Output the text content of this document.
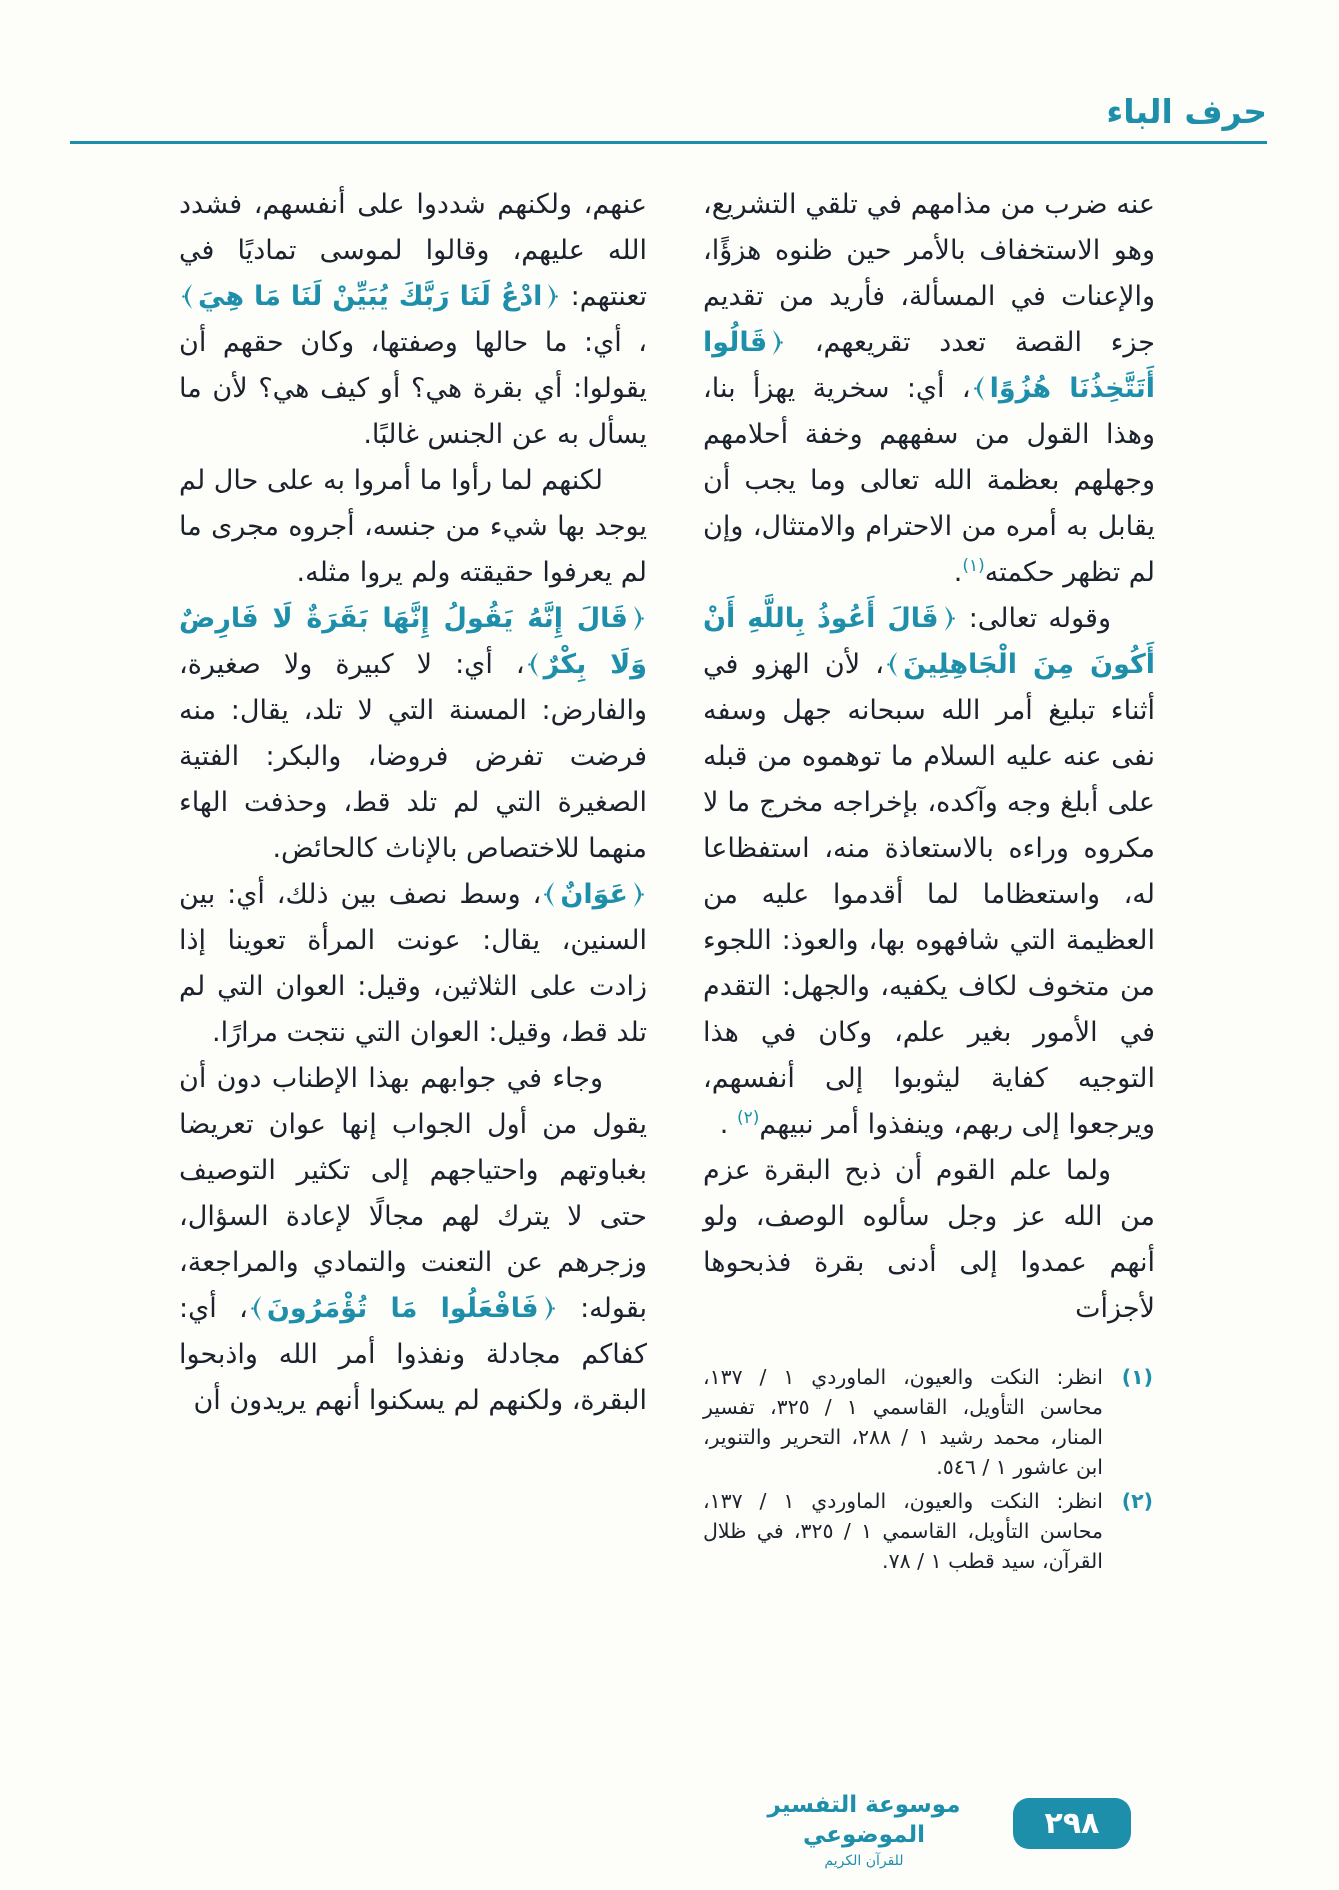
حرف الباء

عنه ضرب من مذامهم في تلقي التشريع، وهو الاستخفاف بالأمر حين ظنوه هزؤًا، والإعنات في المسألة، فأريد من تقديم جزء القصة تعدد تقريعهم، قَالُوا أَتَتَّخِذُنَا هُزُوًا، أي: سخرية يهزأ بنا، وهذا القول من سفههم وخفة أحلامهم وجهلهم بعظمة الله تعالى وما يجب أن يقابل به أمره من الاحترام والامتثال، وإن لم تظهر حكمته$^{(١)}$.

وقوله تعالى: قَالَ أَعُوذُ بِاللَّهِ أَنْ أَكُونَ مِنَ الْجَاهِلِينَ، لأن الهزو في أثناء تبليغ أمر الله سبحانه جهل وسفه نفى عنه عليه السلام ما توهموه من قبله على أبلغ وجه وآكده، بإخراجه مخرج ما لا مكروه وراءه بالاستعاذة منه، استفظاعا له، واستعظاما لما أقدموا عليه من العظيمة التي شافهوه بها، والعوذ: اللجوء من متخوف لكاف يكفيه، والجهل: التقدم في الأمور بغير علم، وكان في هذا التوجيه كفاية ليثوبوا إلى أنفسهم، ويرجعوا إلى ربهم، وينفذوا أمر نبيهم$^{(٢)}$ .

ولما علم القوم أن ذبح البقرة عزم من الله عز وجل سألوه الوصف، ولو أنهم عمدوا إلى أدنى بقرة فذبحوها لأجزأت

(١)
انظر: النكت والعيون، الماوردي ١ / ١٣٧، محاسن التأويل، القاسمي ١ / ٣٢٥، تفسير المنار، محمد رشيد ١ / ٢٨٨، التحرير والتنوير، ابن عاشور ١ / ٥٤٦.
(٢)
انظر: النكت والعيون، الماوردي ١ / ١٣٧، محاسن التأويل، القاسمي ١ / ٣٢٥، في ظلال القرآن، سيد قطب ١ / ٧٨.

عنهم، ولكنهم شددوا على أنفسهم، فشدد الله عليهم، وقالوا لموسى تماديًا في تعنتهم: ادْعُ لَنَا رَبَّكَ يُبَيِّنْ لَنَا مَا هِيَ، أي: ما حالها وصفتها، وكان حقهم أن يقولوا: أي بقرة هي؟ أو كيف هي؟ لأن ما يسأل به عن الجنس غالبًا.

لكنهم لما رأوا ما أمروا به على حال لم يوجد بها شيء من جنسه، أجروه مجرى ما لم يعرفوا حقيقته ولم يروا مثله.

قَالَ إِنَّهُ يَقُولُ إِنَّهَا بَقَرَةٌ لَا فَارِضٌ وَلَا بِكْرٌ، أي: لا كبيرة ولا صغيرة، والفارض: المسنة التي لا تلد، يقال: منه فرضت تفرض فروضا، والبكر: الفتية الصغيرة التي لم تلد قط، وحذفت الهاء منهما للاختصاص بالإناث كالحائض.

عَوَانٌ، وسط نصف بين ذلك، أي: بين السنين، يقال: عونت المرأة تعوينا إذا زادت على الثلاثين، وقيل: العوان التي لم تلد قط، وقيل: العوان التي نتجت مرارًا.

وجاء في جوابهم بهذا الإطناب دون أن يقول من أول الجواب إنها عوان تعريضا بغباوتهم واحتياجهم إلى تكثير التوصيف حتى لا يترك لهم مجالًا لإعادة السؤال، وزجرهم عن التعنت والتمادي والمراجعة، بقوله: فَافْعَلُوا مَا تُؤْمَرُونَ، أي: كفاكم مجادلة ونفذوا أمر الله واذبحوا البقرة، ولكنهم لم يسكنوا أنهم يريدون أن

موسوعة التفسير الموضوعي
للقرآن الكريم
٢٩٨
